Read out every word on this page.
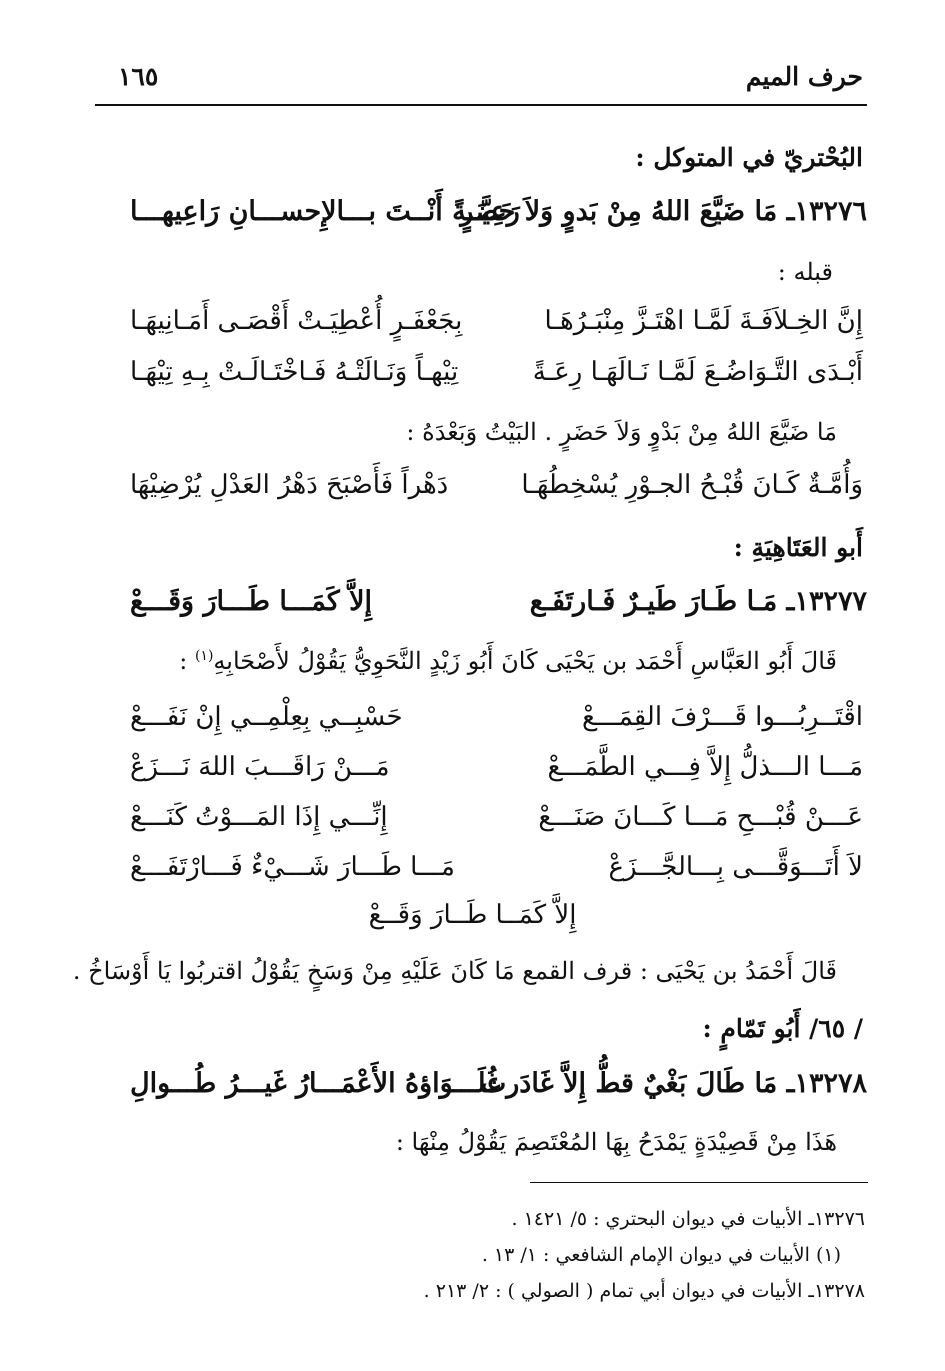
حرف الميم
١٦٥
البُحْتريّ في المتوكل :
١٣٢٧٦ـ مَا ضَيَّعَ اللهُ مِنْ بَدوٍ وَلاَ حَضَرٍ
رَعِيَّــةً أَنْــتَ بـــالإِحســـانِ رَاعِيهـــا
قبله :
إِنَّ الخِـلاَفَـةَ لَمَّـا اهْتَـزَّ مِنْبَـرُهَـا
بِجَعْفَـرٍ أُعْطِيَـتْ أَقْصَـى أَمَـانِيهَـا
أَبْـدَى التَّـوَاضُـعَ لَمَّـا نَـالَهَـا رِعَـةً
تِيْهـاً وَنَـالَتْـهُ فَـاخْتَـالَـتْ بِـهِ تِيْهَـا
مَا ضَيَّعَ اللهُ مِنْ بَدْوٍ وَلاَ حَضَرٍ . البَيْتُ وَبَعْدَهُ :
وَأُمَّـةٌ كَـانَ قُبْـحُ الجـوْرِ يُسْخِطُهَـا
دَهْراً فَأَصْبَحَ دَهْرُ العَدْلِ يُرْضِيْهَا
أَبو العَتَاهِيَةِ :
١٣٢٧٧ـ مَـا طَـارَ طَيـرٌ فَـارتَفَـع
إِلاَّ كَمَـــا طَـــارَ وَقَـــعْ
قَالَ أَبُو العَبَّاسِ أَحْمَد بن يَحْيَى كَانَ أَبُو زَيْدٍ النَّحَوِيُّ يَقُوْلُ لأَصْحَابِهِ$^{(١)}$ :
اقْتَــرِبُـــوا قَـــرْفَ القِمَـــعْ
حَسْبِــي بِعِلْمِــي إِنْ نَفَـــعْ
مَـــا الـــذلُّ إِلاَّ فِـــي الطَّمَـــعْ
مَـــنْ رَاقَـــبَ اللهَ نَـــزَعْ
عَـــنْ قُبْـــحِ مَـــا كَـــانَ صَنَـــعْ
إِنِّـــي إِذَا المَـــوْتُ كَنَـــعْ
لاَ أَتَـــوَقَّـــى بِـــالجَّـــزَعْ
مَـــا طَـــارَ شَـــيْءٌ فَـــارْتَفَـــعْ
إِلاَّ كَمَــا طَــارَ وَقَــعْ
قَالَ أَحْمَدُ بن يَحْيَى : قرف القمع مَا كَانَ عَلَيْهِ مِنْ وَسَخٍ يَقُوْلُ اقتربُوا يَا أَوْسَاخُ .
/ ٦٥/ أَبُو تَمّامٍ :
١٣٢٧٨ـ مَا طَالَ بَغْيٌ قطُّ إِلاَّ غَادَرت
غُلَـــوَاؤهُ الأَعْمَـــارُ غَيـــرُ طُـــوالِ
هَذَا مِنْ قَصِيْدَةٍ يَمْدَحُ بِهَا المُعْتَصِمَ يَقُوْلُ مِنْهَا :
١٣٢٧٦ـ الأبيات في ديوان البحتري : ٥/ ١٤٢١ .
(١) الأبيات في ديوان الإمام الشافعي : ١/ ١٣ .
١٣٢٧٨ـ الأبيات في ديوان أبي تمام ( الصولي ) : ٢/ ٢١٣ .
